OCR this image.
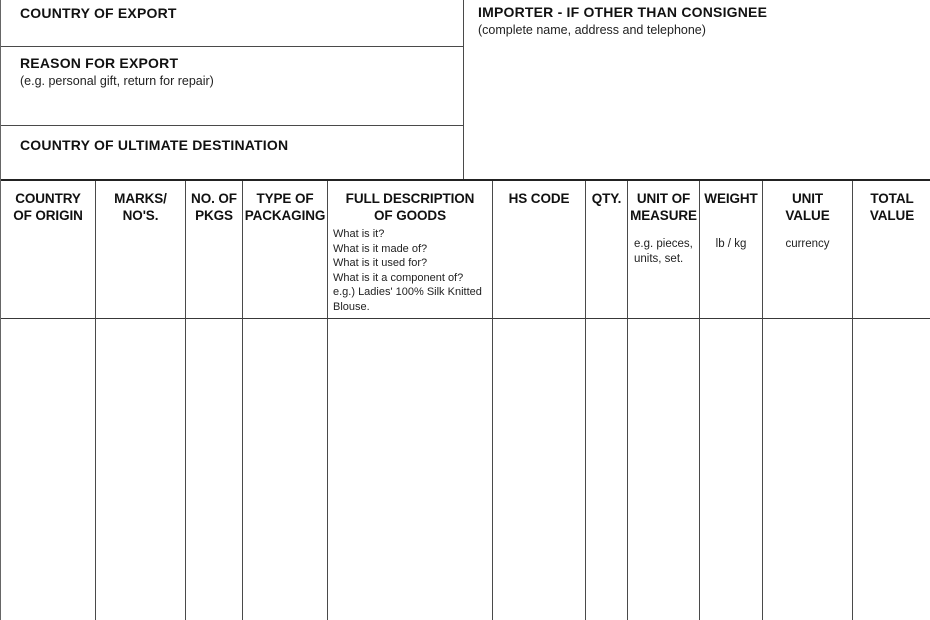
COUNTRY OF EXPORT
REASON FOR EXPORT
(e.g. personal gift, return for repair)
COUNTRY OF ULTIMATE DESTINATION
IMPORTER - IF OTHER THAN CONSIGNEE
(complete name, address and telephone)
COUNTRY
OF ORIGIN
MARKS/
NO'S.
NO. OF
PKGS
TYPE OF
PACKAGING
FULL DESCRIPTION
OF GOODS
What is it?
What is it made of?
What is it used for?
What is it a component of?
e.g.) Ladies' 100% Silk Knitted
Blouse.
HS CODE	QTY.	UNIT OF
MEASURE
e.g. pieces,
units, set.
WEIGHT
lb / kg
UNIT
VALUE
currency
TOTAL
VALUE
